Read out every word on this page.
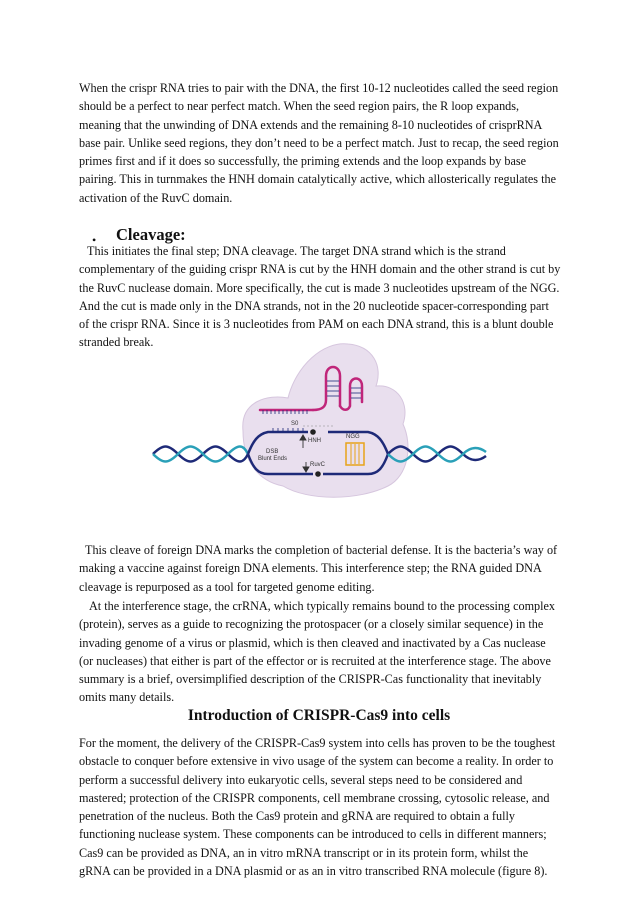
When the crispr RNA tries to pair with the DNA, the first 10-12 nucleotides called the seed region should be a perfect to near perfect match. When the seed region pairs, the R loop expands, meaning that the unwinding of DNA extends and the remaining 8-10 nucleotides of crisprRNA base pair. Unlike seed regions, they don’t need to be a perfect match. Just to recap, the seed region primes first and if it does so successfully, the priming extends and the loop expands by base pairing. This in turnmakes the HNH domain catalytically active, which allosterically regulates the activation of the RuvC domain.

• Cleavage:

This initiates the final step; DNA cleavage. The target DNA strand which is the strand complementary of the guiding crispr RNA is cut by the HNH domain and the other strand is cut by the RuvC nuclease domain. More specifically, the cut is made 3 nucleotides upstream of the NGG. And the cut is made only in the DNA strands, not in the 20 nucleotide spacer-corresponding part of the crispr RNA. Since it is 3 nucleotides from PAM on each DNA strand, this is a blunt double stranded break.

S0
HNH
NGG
DSB
Blunt Ends
RuvC

This cleave of foreign DNA marks the completion of bacterial defense. It is the bacteria’s way of making a vaccine against foreign DNA elements. This interference step; the RNA guided DNA cleavage is repurposed as a tool for targeted genome editing.

At the interference stage, the crRNA, which typically remains bound to the processing complex (protein), serves as a guide to recognizing the protospacer (or a closely similar sequence) in the invading genome of a virus or plasmid, which is then cleaved and inactivated by a Cas nuclease (or nucleases) that either is part of the effector or is recruited at the interference stage. The above summary is a brief, oversimplified description of the CRISPR-Cas functionality that inevitably omits many details.

Introduction of CRISPR-Cas9 into cells

For the moment, the delivery of the CRISPR-Cas9 system into cells has proven to be the toughest obstacle to conquer before extensive in vivo usage of the system can become a reality. In order to perform a successful delivery into eukaryotic cells, several steps need to be considered and mastered; protection of the CRISPR components, cell membrane crossing, cytosolic release, and penetration of the nucleus. Both the Cas9 protein and gRNA are required to obtain a fully functioning nuclease system. These components can be introduced to cells in different manners; Cas9 can be provided as DNA, an in vitro mRNA transcript or in its protein form, whilst the gRNA can be provided in a DNA plasmid or as an in vitro transcribed RNA molecule (figure 8).
